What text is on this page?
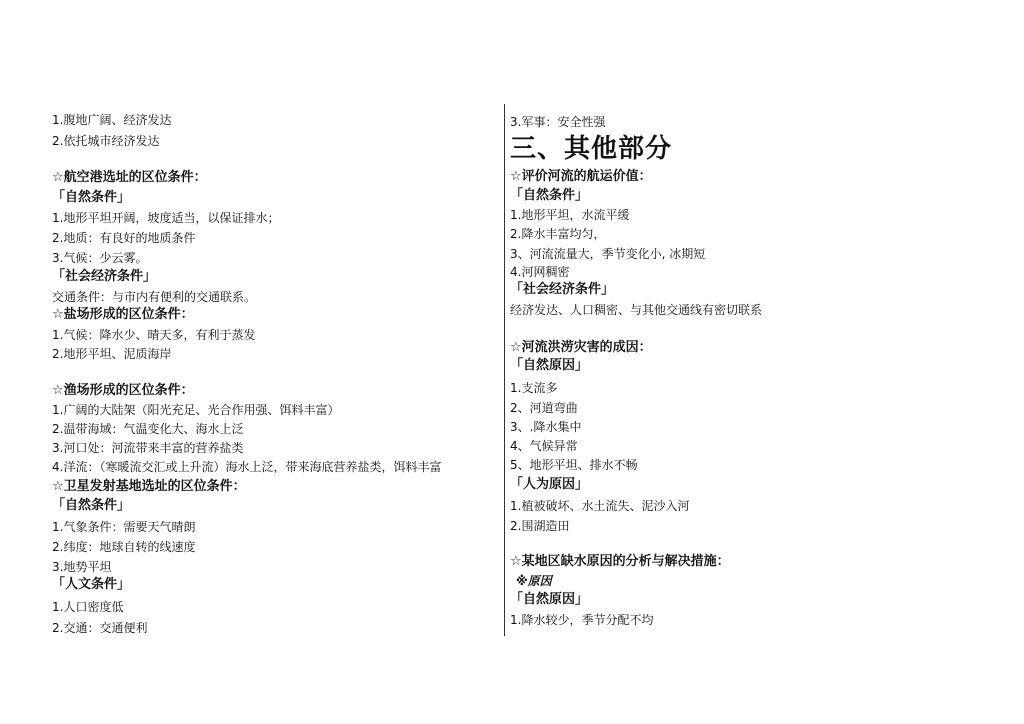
1.腹地广阔、经济发达
2.依托城市经济发达
☆航空港选址的区位条件：
「自然条件」
1.地形平坦开阔，坡度适当，以保证排水；
2.地质：有良好的地质条件
3.气候：少云雾。
「社会经济条件」
交通条件：与市内有便利的交通联系。
☆盐场形成的区位条件：
1.气候：降水少、晴天多，有利于蒸发
2.地形平坦、泥质海岸
☆渔场形成的区位条件：
1.广阔的大陆架（阳光充足、光合作用强、饵料丰富）
2.温带海域：气温变化大、海水上泛
3.河口处：河流带来丰富的营养盐类
4.洋流：（寒暖流交汇或上升流）海水上泛，带来海底营养盐类，饵料丰富
☆卫星发射基地选址的区位条件：
「自然条件」
1.气象条件：需要天气晴朗
2.纬度：地球自转的线速度
3.地势平坦
「人文条件」
1.人口密度低
2.交通：交通便利
3.军事：安全性强
三、其他部分
☆评价河流的航运价值：
「自然条件」
1.地形平坦，水流平缓
2.降水丰富均匀，
3、河流流量大，季节变化小, 冰期短
4.河网稠密
「社会经济条件」
经济发达、人口稠密、与其他交通线有密切联系
☆河流洪涝灾害的成因：
「自然原因」
1.支流多
2、河道弯曲
3、.降水集中
4、气候异常
5、地形平坦、排水不畅
「人为原因」
1.植被破坏、水土流失、泥沙入河
2.围湖造田
☆某地区缺水原因的分析与解决措施：
※原因
「自然原因」
1.降水较少，季节分配不均
